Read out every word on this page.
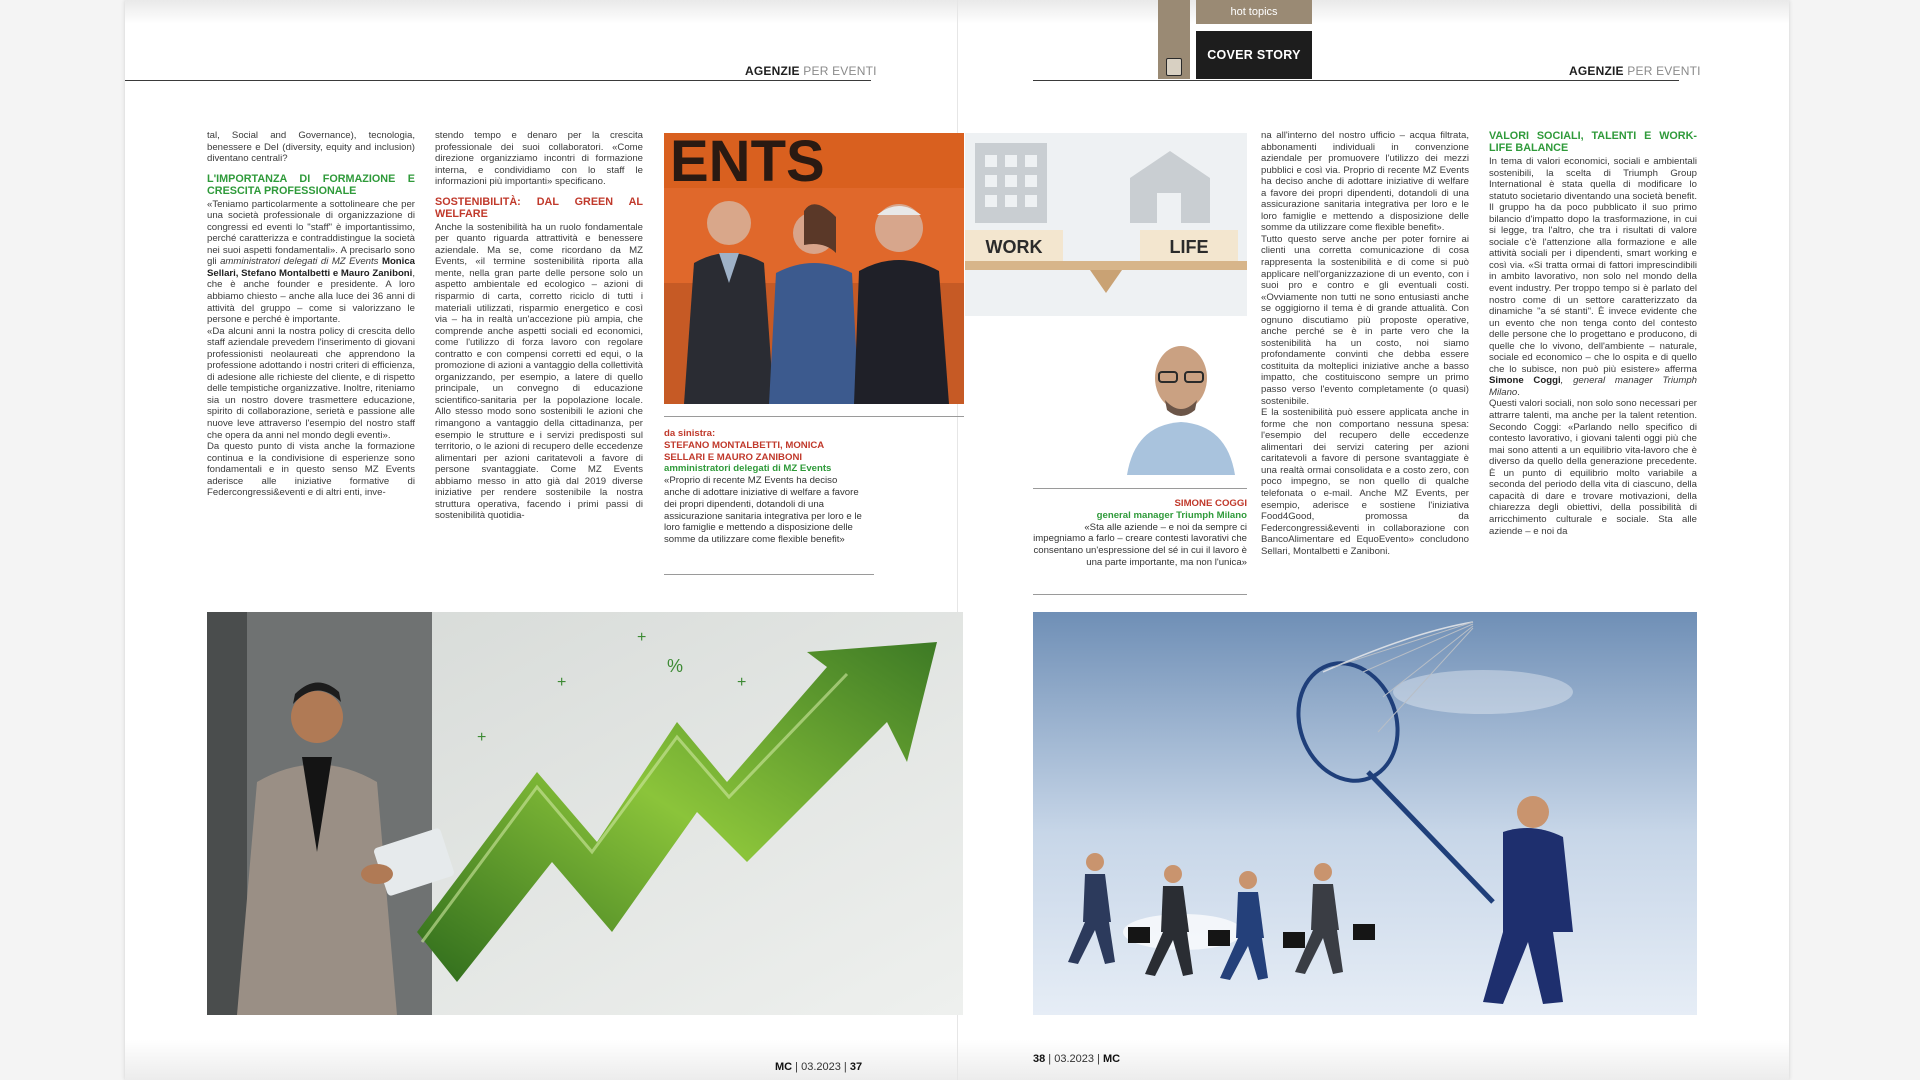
AGENZIE PER EVENTI	AGENZIE PER EVENTI

tal, Social and Governance), tecnologia, benessere e DeI (diversity, equity and inclusion) diventano centrali?

L'IMPORTANZA DI FORMAZIONE E CRESCITA PROFESSIONALE

«Teniamo particolarmente a sottolineare che per una società professionale di organizzazione di congressi ed eventi lo "staff" è importantissimo, perché caratterizza e contraddistingue la società nei suoi aspetti fondamentali». A precisarlo sono gli amministratori delegati di MZ Events Monica Sellari, Stefano Montalbetti e Mauro Zaniboni, che è anche founder e presidente. A loro abbiamo chiesto – anche alla luce dei 36 anni di attività del gruppo – come si valorizzano le persone e perché è importante.

«Da alcuni anni la nostra policy di crescita dello staff aziendale prevedem l'inserimento di giovani professionisti neolaureati che apprendono la professione adottando i nostri criteri di efficienza, di adesione alle richieste del cliente, e di rispetto delle tempistiche organizzative. Inoltre, riteniamo sia un nostro dovere trasmettere educazione, spirito di collaborazione, serietà e passione alle nuove leve attraverso l'esempio del nostro staff che opera da anni nel mondo degli eventi».

Da questo punto di vista anche la formazione continua e la condivisione di esperienze sono fondamentali e in questo senso MZ Events aderisce alle iniziative formative di Federcongressi&eventi e di altri enti, inve-

stendo tempo e denaro per la crescita professionale dei suoi collaboratori. «Come direzione organizziamo incontri di formazione interna, e condividiamo con lo staff le informazioni più importanti» specificano.

SOSTENIBILITÀ: DAL GREEN AL WELFARE

Anche la sostenibilità ha un ruolo fondamentale per quanto riguarda attrattività e benessere aziendale. Ma se, come ricordano da MZ Events, «il termine sostenibilità riporta alla mente, nella gran parte delle persone solo un aspetto ambientale ed ecologico – azioni di risparmio di carta, corretto riciclo di tutti i materiali utilizzati, risparmio energetico e così via – ha in realtà un'accezione più ampia, che comprende anche aspetti sociali ed economici, come l'utilizzo di forza lavoro con regolare contratto e con compensi corretti ed equi, o la promozione di azioni a vantaggio della collettività organizzando, per esempio, a latere di quello principale, un convegno di educazione scientifico-sanitaria per la popolazione locale. Allo stesso modo sono sostenibili le azioni che rimangono a vantaggio della cittadinanza, per esempio le strutture e i servizi predisposti sul territorio, o le azioni di recupero delle eccedenze alimentari per azioni caritatevoli a favore di persone svantaggiate. Come MZ Events abbiamo messo in atto già dal 2019 diverse iniziative per rendere sostenibile la nostra struttura operativa, facendo i primi passi di sostenibilità quotidia-

ENTS
da sinistra:
STEFANO MONTALBETTI, MONICA SELLARI E MAURO ZANIBONI
amministratori delegati di MZ Events
«Proprio di recente MZ Events ha deciso anche di adottare iniziative di welfare a favore dei propri dipendenti, dotandoli di una assicurazione sanitaria integrativa per loro e le loro famiglie e mettendo a disposizione delle somme da utilizzare come flexible benefit»
%
+
+	+
+
WORK	LIFE
SIMONE COGGI
general manager Triumph Milano
«Sta alle aziende – e noi da sempre ci impegniamo a farlo – creare contesti lavorativi che consentano un'espressione del sé in cui il lavoro è una parte importante, ma non l'unica»

na all'interno del nostro ufficio – acqua filtrata, abbonamenti individuali in convenzione aziendale per promuovere l'utilizzo dei mezzi pubblici e così via. Proprio di recente MZ Events ha deciso anche di adottare iniziative di welfare a favore dei propri dipendenti, dotandoli di una assicurazione sanitaria integrativa per loro e le loro famiglie e mettendo a disposizione delle somme da utilizzare come flexible benefit».

Tutto questo serve anche per poter fornire ai clienti una corretta comunicazione di cosa rappresenta la sostenibilità e di come si può applicare nell'organizzazione di un evento, con i suoi pro e contro e gli eventuali costi. «Ovviamente non tutti ne sono entusiasti anche se oggigiorno il tema è di grande attualità. Con ognuno discutiamo più proposte operative, anche perché se è in parte vero che la sostenibilità ha un costo, noi siamo profondamente convinti che debba essere costituita da molteplici iniziative anche a basso impatto, che costituiscono sempre un primo passo verso l'evento completamente (o quasi) sostenibile.

E la sostenibilità può essere applicata anche in forme che non comportano nessuna spesa: l'esempio del recupero delle eccedenze alimentari dei servizi catering per azioni caritatevoli a favore di persone svantaggiate è una realtà ormai consolidata e a costo zero, con poco impegno, se non quello di qualche telefonata o e-mail. Anche MZ Events, per esempio, aderisce e sostiene l'iniziativa Food4Good, promossa da Federcongressi&eventi in collaborazione con BancoAlimentare ed EquoEvento» concludono Sellari, Montalbetti e Zaniboni.

VALORI SOCIALI, TALENTI E WORK-LIFE BALANCE

In tema di valori economici, sociali e ambientali sostenibili, la scelta di Triumph Group International è stata quella di modificare lo statuto societario diventando una società benefit. Il gruppo ha da poco pubblicato il suo primo bilancio d'impatto dopo la trasformazione, in cui si legge, tra l'altro, che tra i risultati di valore sociale c'è l'attenzione alla formazione e alle attività sociali per i dipendenti, smart working e così via. «Si tratta ormai di fattori imprescindibili in ambito lavorativo, non solo nel mondo della event industry. Per troppo tempo si è parlato del nostro come di un settore caratterizzato da dinamiche "a sé stanti". È invece evidente che un evento che non tenga conto del contesto delle persone che lo progettano e producono, di quelle che lo vivono, dell'ambiente – naturale, sociale ed economico – che lo ospita e di quello che lo subisce, non può più esistere» afferma Simone Coggi, general manager Triumph Milano.

Questi valori sociali, non solo sono necessari per attrarre talenti, ma anche per la talent retention. Secondo Coggi: «Parlando nello specifico di contesto lavorativo, i giovani talenti oggi più che mai sono attenti a un equilibrio vita-lavoro che è diverso da quello della generazione precedente. È un punto di equilibrio molto variabile a seconda del periodo della vita di ciascuno, della capacità di dare e trovare motivazioni, della chiarezza degli obiettivi, della possibilità di arricchimento culturale e sociale. Sta alle aziende – e noi da

hot topics
COVER STORY
MC | 03.2023 | 37
38 | 03.2023 | MC
